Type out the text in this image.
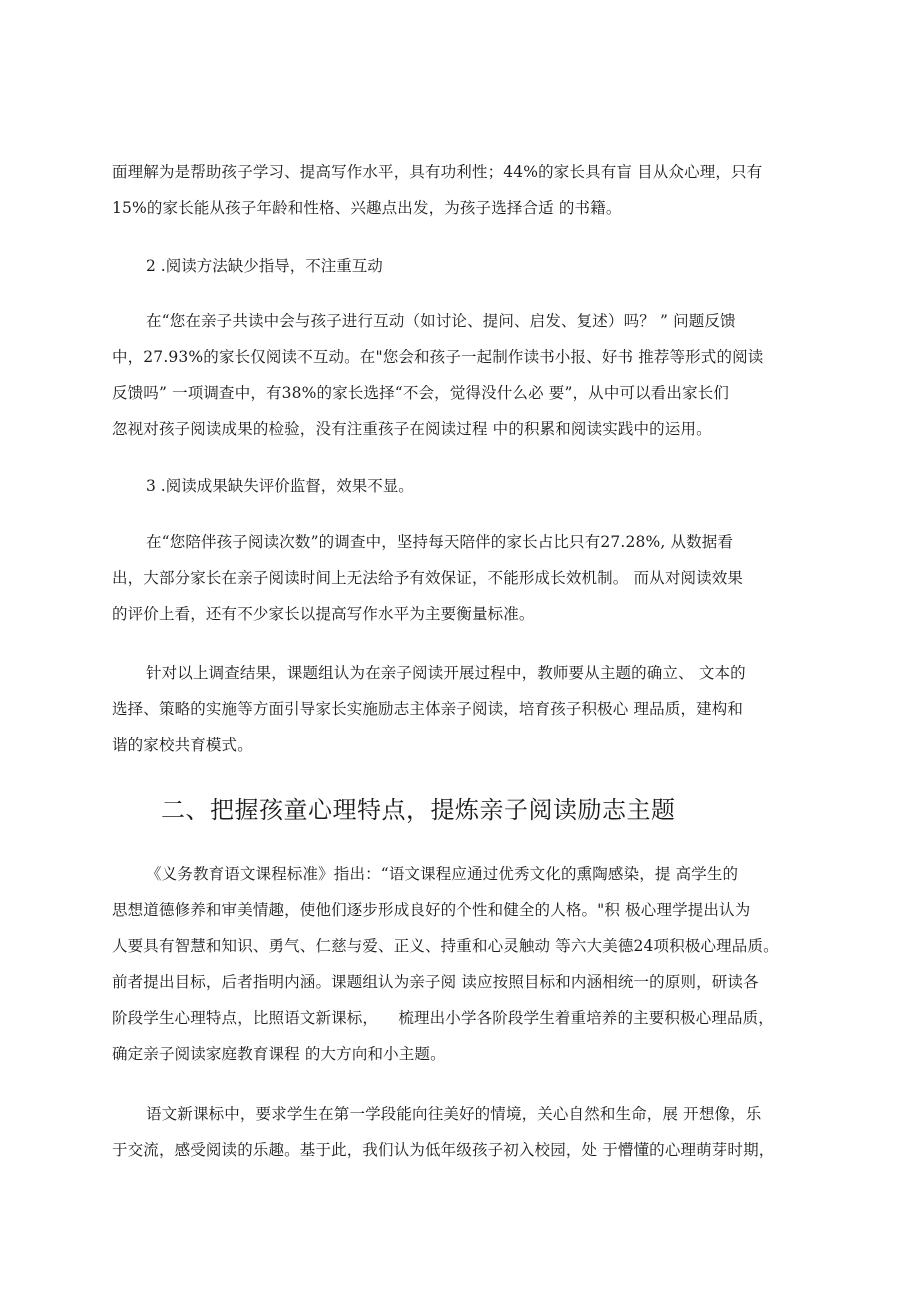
面理解为是帮助孩子学习、提高写作水平，具有功利性；44%的家长具有盲 目从众心理，只有
15%的家长能从孩子年龄和性格、兴趣点出发，为孩子选择合适 的书籍。
2 .阅读方法缺少指导，不注重互动
在“您在亲子共读中会与孩子进行互动（如讨论、提问、启发、复述）吗？ ” 问题反馈
中，27.93%的家长仅阅读不互动。在"您会和孩子一起制作读书小报、好书 推荐等形式的阅读
反馈吗” 一项调查中，有38%的家长选择“不会，觉得没什么必 要”，从中可以看出家长们
忽视对孩子阅读成果的检验，没有注重孩子在阅读过程 中的积累和阅读实践中的运用。
3 .阅读成果缺失评价监督，效果不显。
在“您陪伴孩子阅读次数”的调查中，坚持每天陪伴的家长占比只有27.28%, 从数据看
出，大部分家长在亲子阅读时间上无法给予有效保证，不能形成长效机制。 而从对阅读效果
的评价上看，还有不少家长以提高写作水平为主要衡量标准。
针对以上调查结果，课题组认为在亲子阅读开展过程中，教师要从主题的确立、 文本的
选择、策略的实施等方面引导家长实施励志主体亲子阅读，培育孩子积极心 理品质，建构和
谐的家校共育模式。
二、把握孩童心理特点，提炼亲子阅读励志主题
《义务教育语文课程标准》指出：“语文课程应通过优秀文化的熏陶感染，提 高学生的
思想道德修养和审美情趣，使他们逐步形成良好的个性和健全的人格。"积 极心理学提出认为
人要具有智慧和知识、勇气、仁慈与爱、正义、持重和心灵触动 等六大美德24项积极心理品质。
前者提出目标，后者指明内涵。课题组认为亲子阅 读应按照目标和内涵相统一的原则，研读各
阶段学生心理特点，比照语文新课标，    梳理出小学各阶段学生着重培养的主要积极心理品质，
确定亲子阅读家庭教育课程 的大方向和小主题。
语文新课标中，要求学生在第一学段能向往美好的情境，关心自然和生命，展 开想像，乐
于交流，感受阅读的乐趣。基于此，我们认为低年级孩子初入校园，处 于懵懂的心理萌芽时期，
